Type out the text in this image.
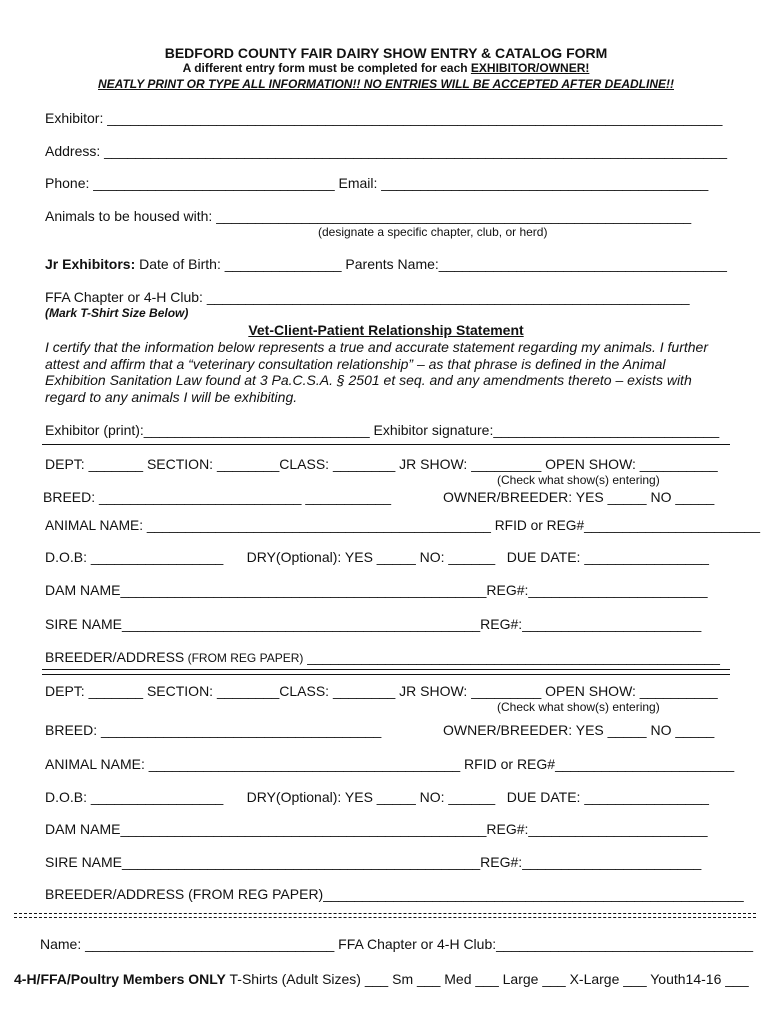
BEDFORD COUNTY FAIR DAIRY SHOW ENTRY & CATALOG FORM
A different entry form must be completed for each EXHIBITOR/OWNER!
NEATLY PRINT OR TYPE ALL INFORMATION!! NO ENTRIES WILL BE ACCEPTED AFTER DEADLINE!!
Exhibitor: _______________________________________________________________________________
Address: ________________________________________________________________________________
Phone: _______________________________ Email: __________________________________________
Animals to be housed with: _____________________________________________________________
(designate a specific chapter, club, or herd)
Jr Exhibitors: Date of Birth: _______________ Parents Name:_____________________________________
FFA Chapter or 4-H Club: ______________________________________________________________
(Mark T-Shirt Size Below)
Vet-Client-Patient Relationship Statement
I certify that the information below represents a true and accurate statement regarding my animals. I further
attest and affirm that a “veterinary consultation relationship” – as that phrase is defined in the Animal
Exhibition Sanitation Law found at 3 Pa.C.S.A. § 2501 et seq. and any amendments thereto – exists with
regard to any animals I will be exhibiting.
Exhibitor (print):_____________________________ Exhibitor signature:_____________________________
DEPT: _______ SECTION: ________CLASS: ________ JR SHOW: _________ OPEN SHOW: __________
(Check what show(s) entering)
BREED: __________________________ ___________	OWNER/BREEDER: YES _____ NO _____
ANIMAL NAME: _____________________________________________ RFID or REG#_______________________
D.O.B: _________________      DRY(Optional): YES _____ NO: ______   DUE DATE: ________________
DAM NAME_______________________________________________REG#:_______________________
SIRE NAME______________________________________________REG#:_______________________
BREEDER/ADDRESS (FROM REG PAPER) _____________________________________________________
DEPT: _______ SECTION: ________CLASS: ________ JR SHOW: _________ OPEN SHOW: __________
(Check what show(s) entering)
BREED: ____________________________________	OWNER/BREEDER: YES _____ NO _____
ANIMAL NAME: ________________________________________ RFID or REG#_______________________
D.O.B: _________________      DRY(Optional): YES _____ NO: ______   DUE DATE: ________________
DAM NAME_______________________________________________REG#:_______________________
SIRE NAME______________________________________________REG#:_______________________
BREEDER/ADDRESS (FROM REG PAPER)______________________________________________________
Name: ________________________________ FFA Chapter or 4-H Club:_________________________________
4-H/FFA/Poultry Members ONLY T-Shirts (Adult Sizes) ___ Sm ___ Med ___ Large ___ X-Large ___ Youth14-16 ___
